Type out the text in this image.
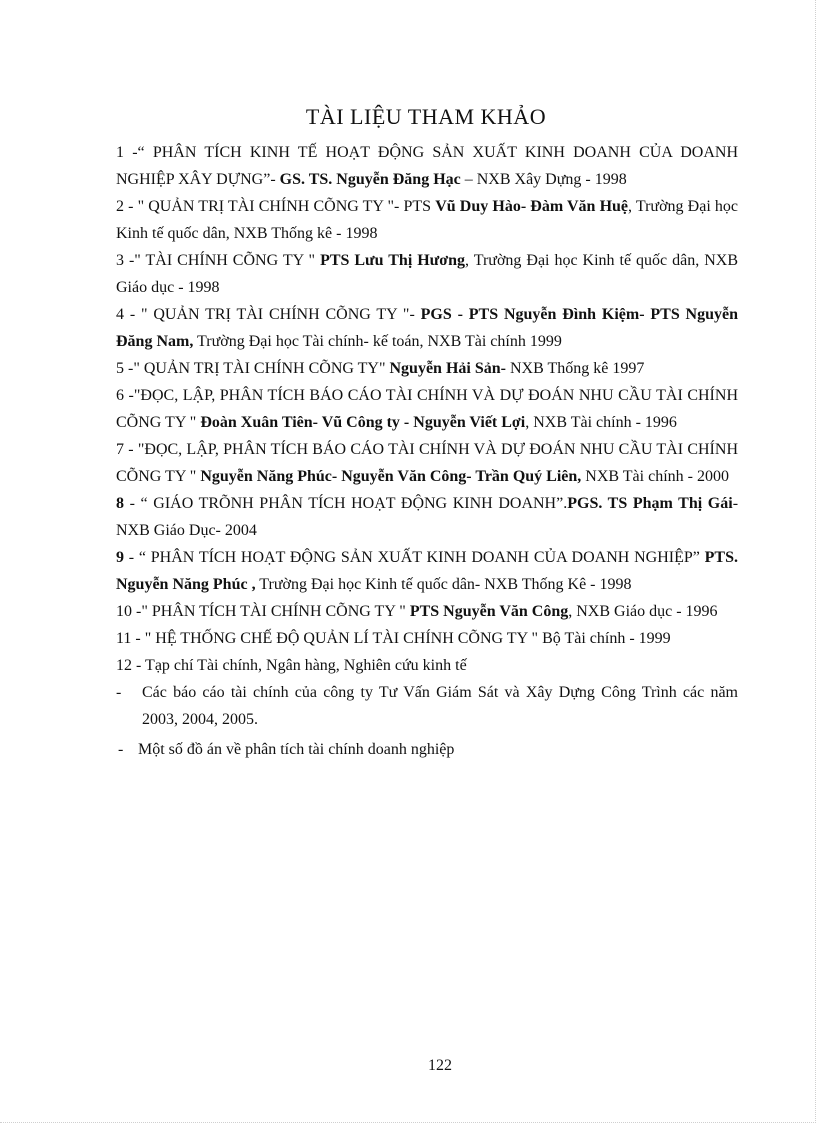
TÀI LIỆU THAM KHẢO

1 -“ PHÂN TÍCH KINH TẾ HOẠT ĐỘNG SẢN XUẤT KINH DOANH CỦA DOANH NGHIỆP XÂY DỰNG”- GS. TS. Nguyễn Đăng Hạc – NXB Xây Dựng - 1998

2 - " QUẢN TRỊ TÀI CHÍNH CÕNG TY "- PTS Vũ Duy Hào- Đàm Văn Huệ, Trường Đại học Kinh tế quốc dân, NXB Thống kê - 1998

3 -" TÀI CHÍNH CÕNG TY " PTS Lưu Thị Hương, Trường Đại học Kinh tế quốc dân, NXB Giáo dục - 1998

4 - " QUẢN TRỊ TÀI CHÍNH CÕNG TY "- PGS - PTS Nguyễn Đình Kiệm- PTS Nguyễn Đăng Nam, Trường Đại học Tài chính- kế toán, NXB Tài chính 1999

5 -" QUẢN TRỊ TÀI CHÍNH CÕNG TY" Nguyễn Hải Sản- NXB Thống kê 1997

6 -"ĐỌC, LẬP, PHÂN TÍCH BÁO CÁO TÀI CHÍNH VÀ DỰ ĐOÁN NHU CẦU TÀI CHÍNH CÕNG TY " Đoàn Xuân Tiên- Vũ Công ty - Nguyễn Viết Lợi, NXB Tài chính - 1996

7 - "ĐỌC, LẬP, PHÂN TÍCH BÁO CÁO TÀI CHÍNH VÀ DỰ ĐOÁN NHU CẦU TÀI CHÍNH CÕNG TY " Nguyễn Năng Phúc- Nguyễn Văn Công- Trần Quý Liên, NXB Tài chính - 2000

8 - “ GIÁO TRÕNH PHÂN TÍCH HOẠT ĐỘNG KINH DOANH”.PGS. TS Phạm Thị Gái- NXB Giáo Dục- 2004

9 - “ PHÂN TÍCH HOẠT ĐỘNG SẢN XUẤT KINH DOANH CỦA DOANH NGHIỆP” PTS. Nguyễn Năng Phúc , Trường Đại học Kinh tế quốc dân- NXB Thống Kê - 1998

10 -" PHÂN TÍCH TÀI CHÍNH CÕNG TY " PTS Nguyễn Văn Công, NXB Giáo dục - 1996

11 - " HỆ THỐNG CHẾ ĐỘ QUẢN LÍ TÀI CHÍNH CÕNG TY " Bộ Tài chính - 1999

12 - Tạp chí Tài chính, Ngân hàng, Nghiên cứu kinh tế

- Các báo cáo tài chính của công ty Tư Vấn Giám Sát và Xây Dựng Công Trình các năm 2003, 2004, 2005.

- Một số đồ án về phân tích tài chính doanh nghiệp

122
